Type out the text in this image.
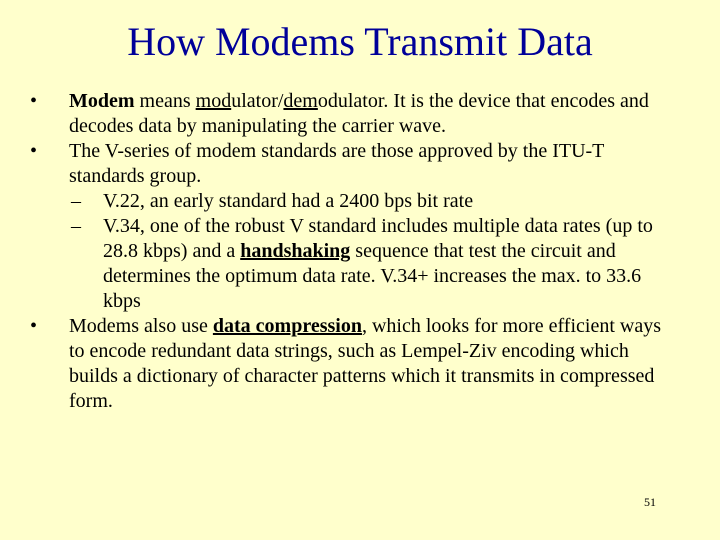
How Modems Transmit Data
• Modem means modulator/demodulator. It is the device that encodes and decodes data by manipulating the carrier wave.
• The V-series of modem standards are those approved by the ITU-T standards group.
– V.22, an early standard had a 2400 bps bit rate
– V.34, one of the robust V standard includes multiple data rates (up to 28.8 kbps) and a handshaking sequence that test the circuit and determines the optimum data rate. V.34+ increases the max. to 33.6 kbps
• Modems also use data compression, which looks for more efficient ways to encode redundant data strings, such as Lempel-Ziv encoding which builds a dictionary of character patterns which it transmits in compressed form.
51
